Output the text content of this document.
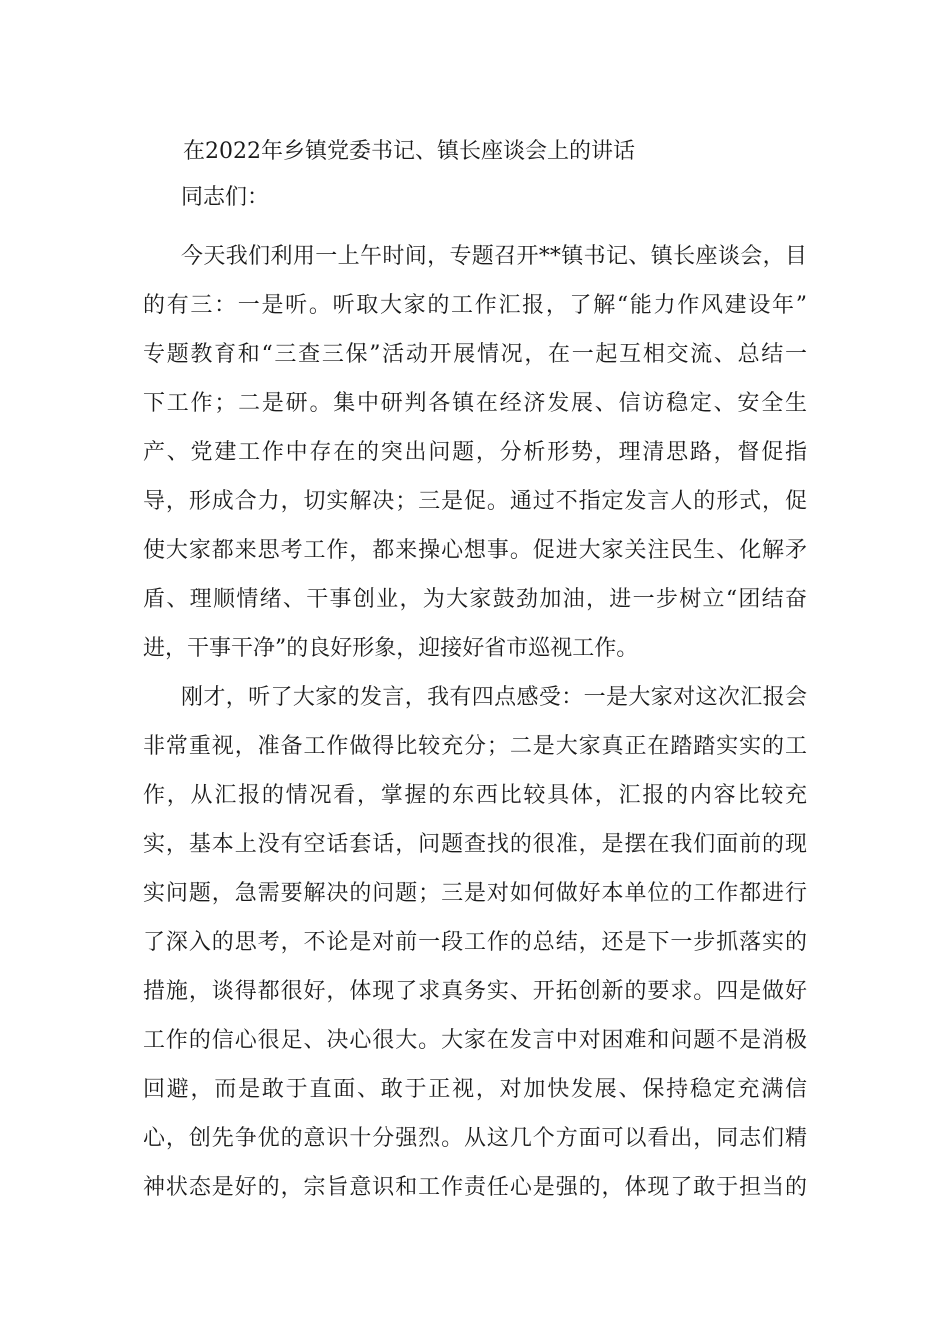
在2022年乡镇党委书记、镇长座谈会上的讲话
同志们：
今天我们利用一上午时间，专题召开**镇书记、镇长座谈会，目
的有三：一是听。听取大家的工作汇报，了解“能力作风建设年”
专题教育和“三查三保”活动开展情况，在一起互相交流、总结一
下工作；二是研。集中研判各镇在经济发展、信访稳定、安全生
产、党建工作中存在的突出问题，分析形势，理清思路，督促指
导，形成合力，切实解决；三是促。通过不指定发言人的形式，促
使大家都来思考工作，都来操心想事。促进大家关注民生、化解矛
盾、理顺情绪、干事创业，为大家鼓劲加油，进一步树立“团结奋
进，干事干净”的良好形象，迎接好省市巡视工作。
刚才，听了大家的发言，我有四点感受：一是大家对这次汇报会
非常重视，准备工作做得比较充分；二是大家真正在踏踏实实的工
作，从汇报的情况看，掌握的东西比较具体，汇报的内容比较充
实，基本上没有空话套话，问题查找的很准，是摆在我们面前的现
实问题，急需要解决的问题；三是对如何做好本单位的工作都进行
了深入的思考，不论是对前一段工作的总结，还是下一步抓落实的
措施，谈得都很好，体现了求真务实、开拓创新的要求。四是做好
工作的信心很足、决心很大。大家在发言中对困难和问题不是消极
回避，而是敢于直面、敢于正视，对加快发展、保持稳定充满信
心，创先争优的意识十分强烈。从这几个方面可以看出，同志们精
神状态是好的，宗旨意识和工作责任心是强的，体现了敢于担当的
